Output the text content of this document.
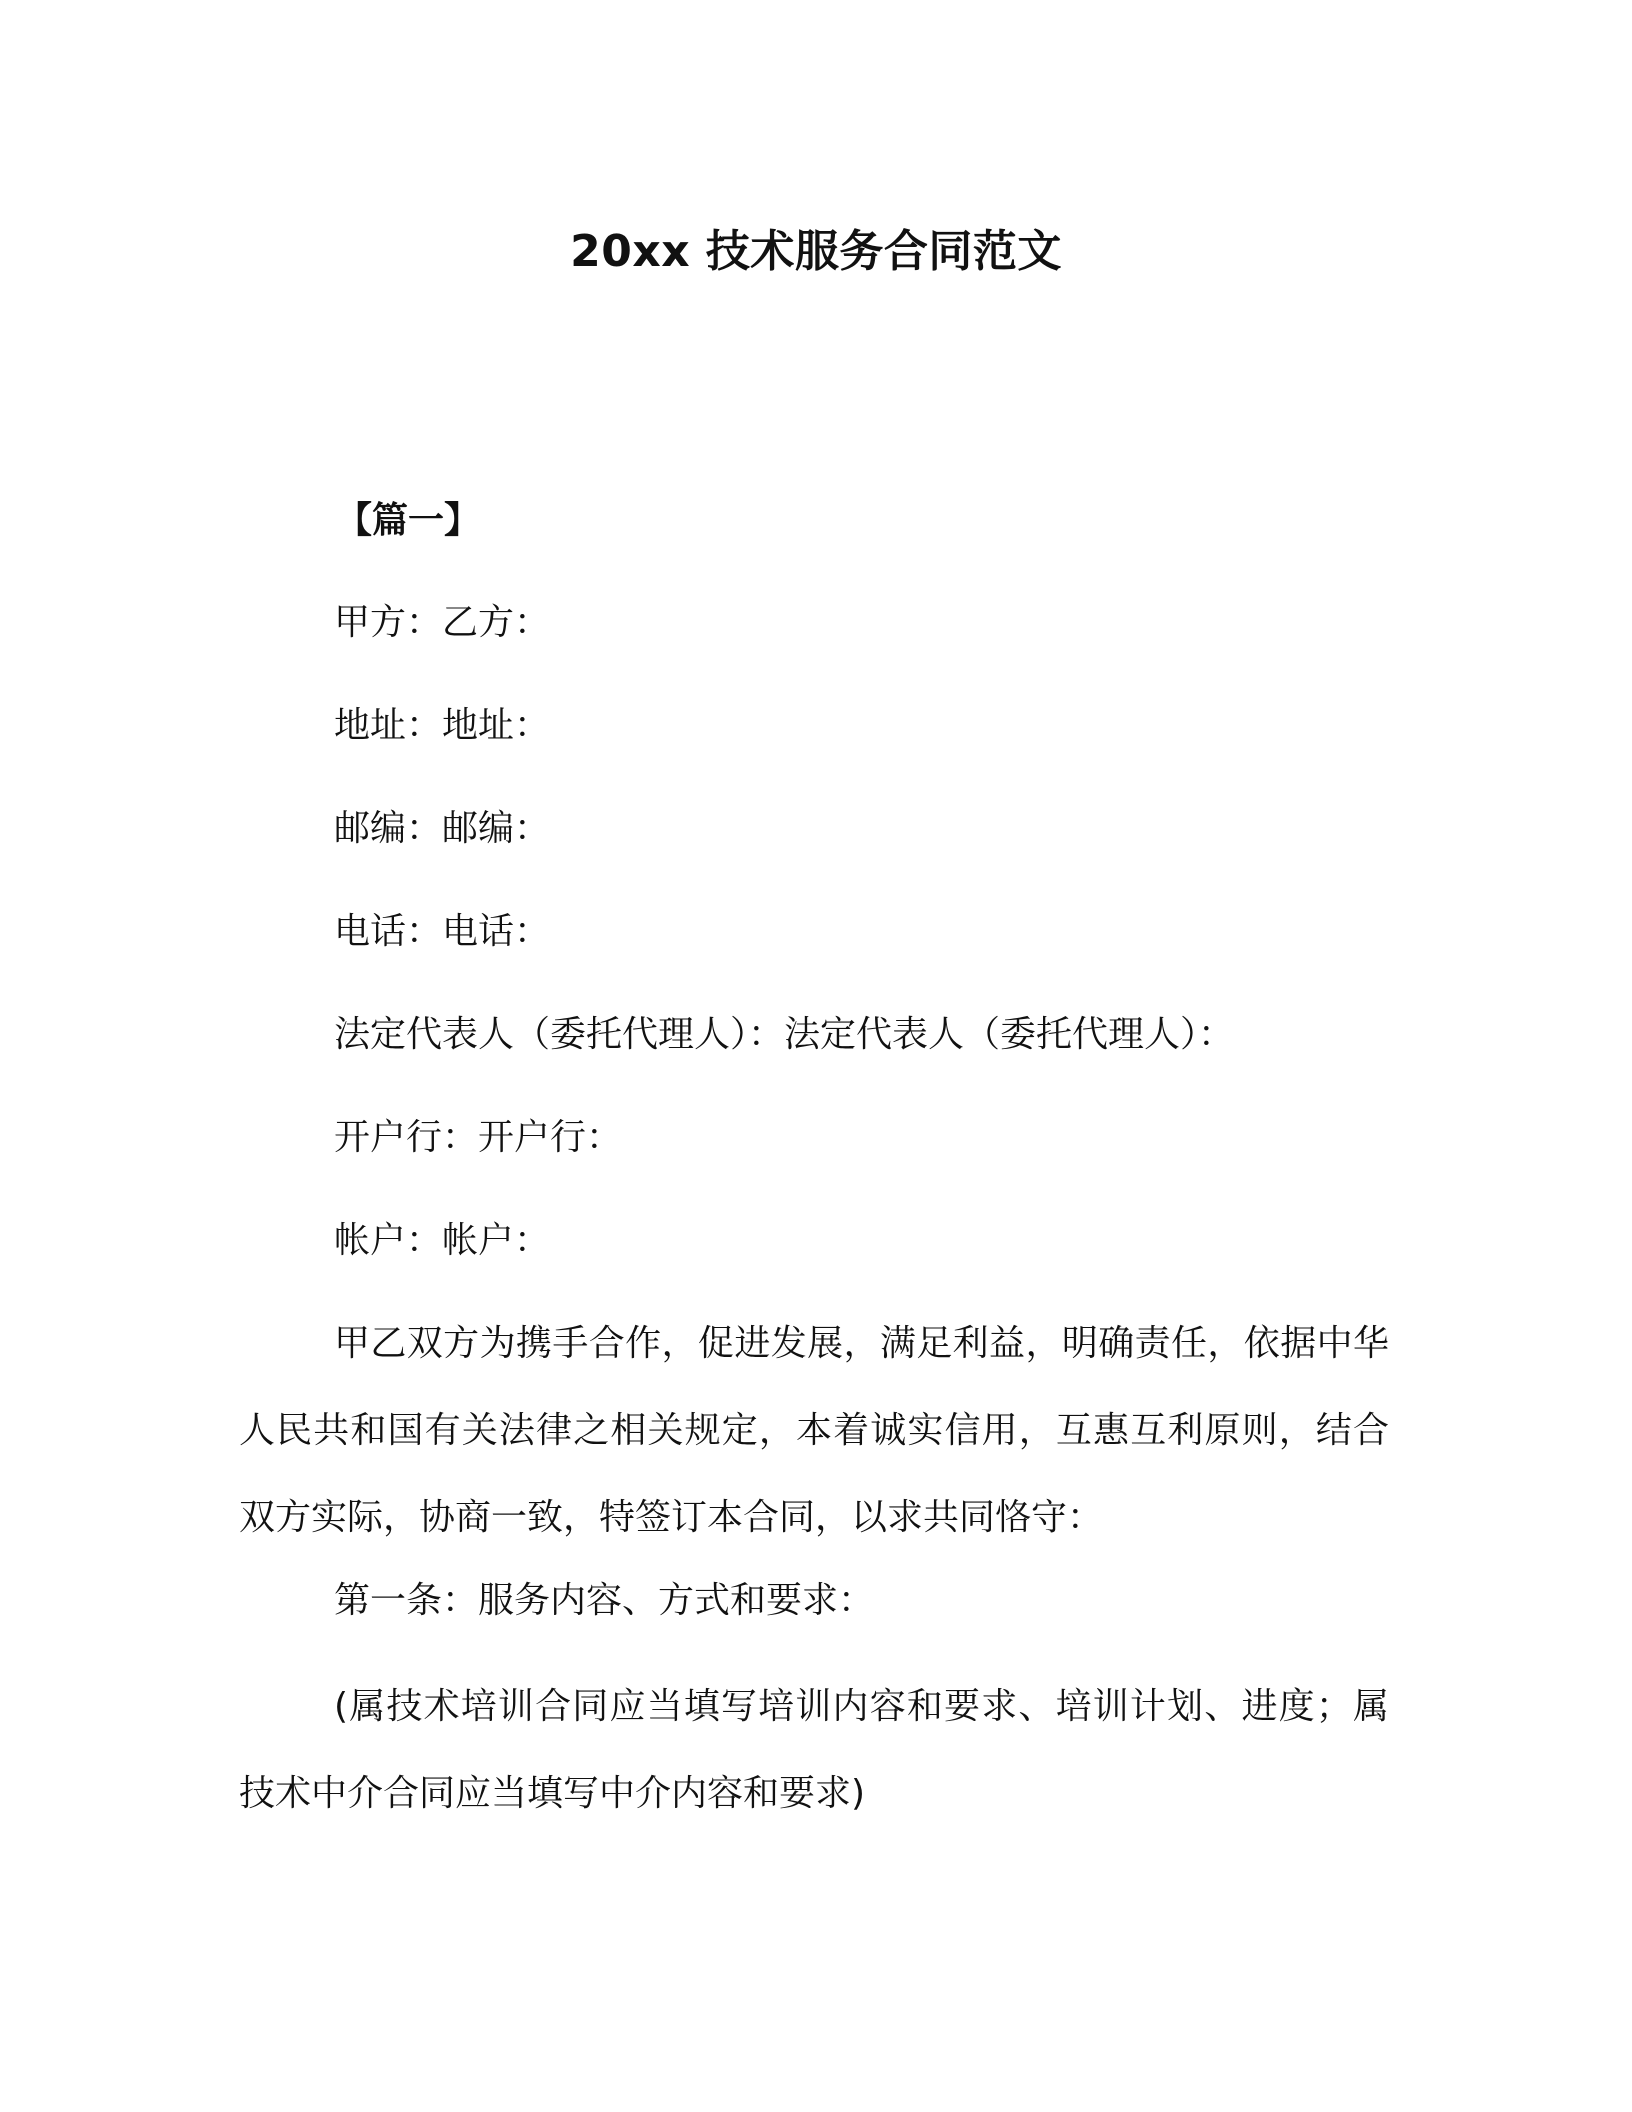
20xx 技术服务合同范文
【篇一】
甲方：乙方：
地址：地址：
邮编：邮编：
电话：电话：
法定代表人（委托代理人）：法定代表人（委托代理人）：
开户行：开户行：
帐户：帐户：
甲乙双方为携手合作，促进发展，满足利益，明确责任，依据中华人民共和国有关法律之相关规定，本着诚实信用，互惠互利原则，结合双方实际，协商一致，特签订本合同，以求共同恪守：
第一条：服务内容、方式和要求：
(属技术培训合同应当填写培训内容和要求、培训计划、进度；属技术中介合同应当填写中介内容和要求)
